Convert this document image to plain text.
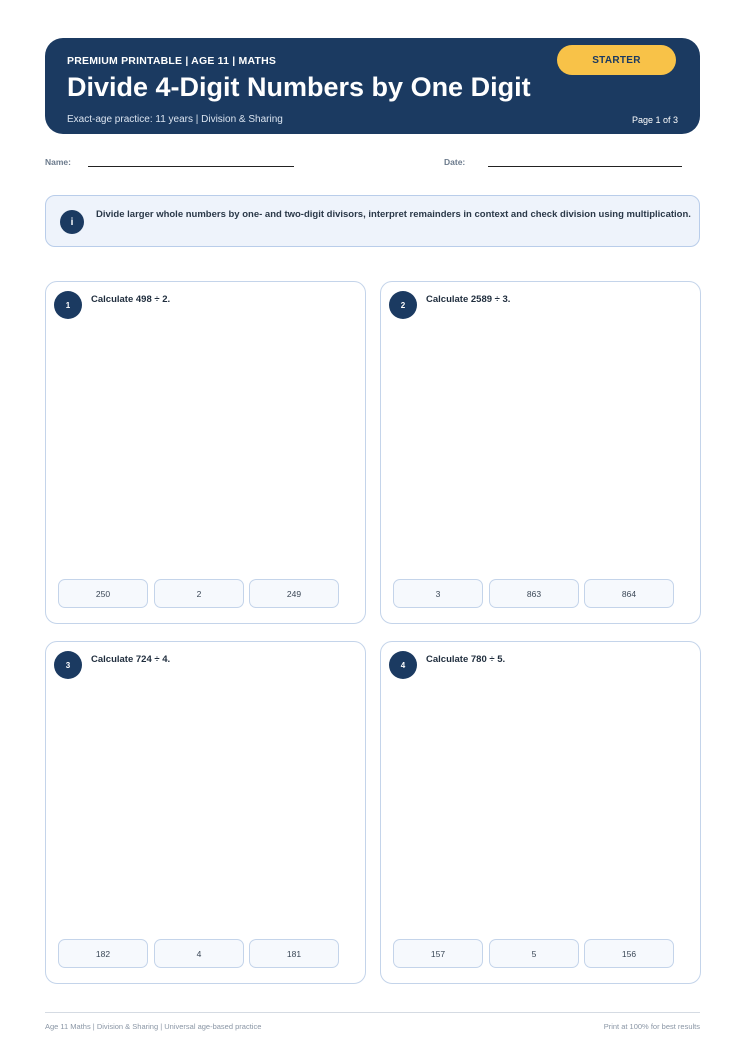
PREMIUM PRINTABLE | AGE 11 | MATHS
Divide 4-Digit Numbers by One Digit
Exact-age practice: 11 years | Division & Sharing	Page 1 of 3
STARTER
Name:	Date:
i
Divide larger whole numbers by one- and two-digit divisors, interpret remainders in context and check division using multiplication.
1	Calculate 498 ÷ 2.
250	2	249
2	Calculate 2589 ÷ 3.
3	863	864
3	Calculate 724 ÷ 4.
182	4	181
4	Calculate 780 ÷ 5.
157	5	156
Age 11 Maths | Division & Sharing | Universal age-based practice	Print at 100% for best results
